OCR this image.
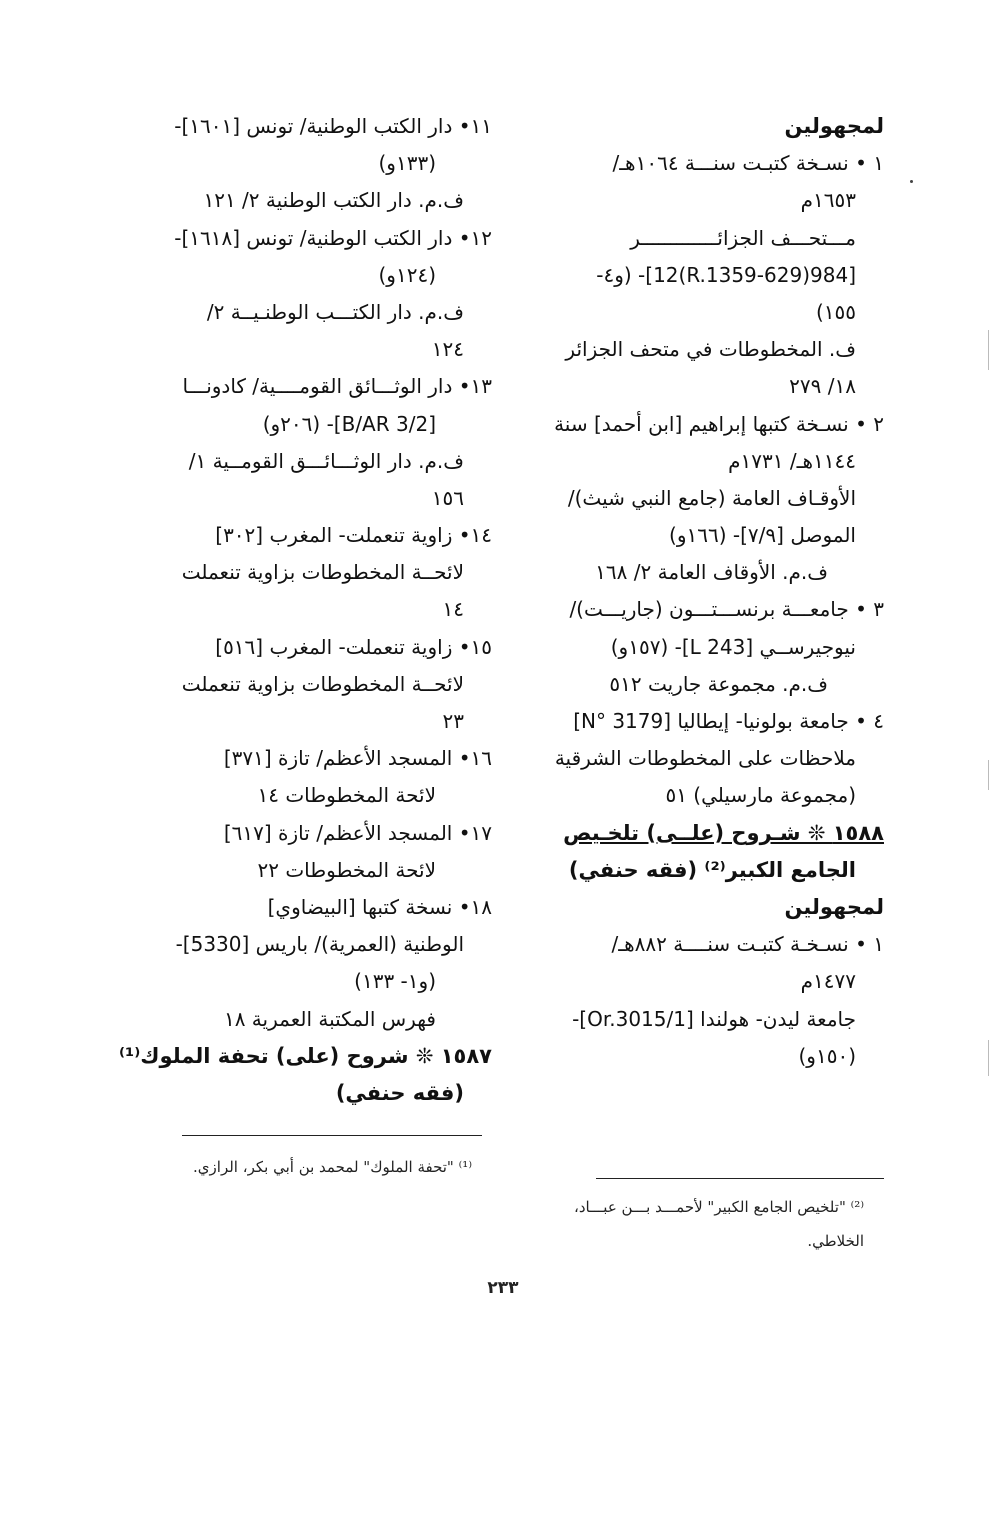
لمجهولين
١ • نسـخة كتبـت سنـــة ١٠٦٤هـ/
١٦٥٣م
مـــتحـــف الجزائـــــــــــــر
[984(629-R.1359)12]- (و٤-
١٥٥)
ف. المخطوطات في متحف الجزائر
١٨/ ٢٧٩
٢ • نسـخة كتبها إبراهيم [ابن أحمد] سنة
١١٤٤هـ/ ١٧٣١م
الأوقـاف العامة (جامع النبي شيث)/
الموصل [٧/٩]- (١٦٦و)
ف.م. الأوقاف العامة ٢/ ١٦٨
٣ • جامعـــة برنســـتـــون (جاريـــت)/
نيوجيرســي [L 243]- (١٥٧و)
ف.م. مجموعة جاريت ٥١٢
٤ • جامعة بولونيا- إيطاليا [N° 3179]
ملاحظات على المخطوطات الشرقية
(مجموعة مارسيلي) ٥١
١٥٨٨ ❊ شـروح (علــى) تلخـيص
الجامع الكبير⁽²⁾ (فقه حنفي)
لمجهولين
١ • نسـخـة كتبـت سنــــة ٨٨٢هـ/
١٤٧٧م
جامعة ليدن- هولندا [Or.3015/1]-
(١٥٠و)
١١• دار الكتب الوطنية/ تونس [١٦٠١]-
(١٣٣و)
ف.م. دار الكتب الوطنية ٢/ ١٢١
١٢• دار الكتب الوطنية/ تونس [١٦١٨]-
(١٢٤و)
ف.م. دار الكتـــب الوطنـيــة ٢/
١٢٤
١٣• دار الوثـــائق القومــــية/ كادونـــا
[B/AR 3/2]- (٢٠٦و)
ف.م. دار الوثـــائـــق القومــية ١/
١٥٦
١٤• زاوية تنعملت- المغرب [٣٠٢]
لائحــة المخطوطات بزاوية تنعملت
١٤
١٥• زاوية تنعملت- المغرب [٥١٦]
لائحــة المخطوطات بزاوية تنعملت
٢٣
١٦• المسجد الأعظم/ تازة [٣٧١]
لائحة المخطوطات ١٤
١٧• المسجد الأعظم/ تازة [٦١٧]
لائحة المخطوطات ٢٢
١٨• نسخة كتبها [البيضاوي]
الوطنية (العمرية)/ باريس [5330]-
(و١- ١٣٣)
فهرس المكتبة العمرية ١٨
١٥٨٧ ❊ شروح (على) تحفة الملوك⁽¹⁾
(فقه حنفي)
⁽²⁾ "تلخيص الجامع الكبير" لأحمـــد بـــن عبـــاد،
الخلاطي.
⁽¹⁾ "تحفة الملوك" لمحمد بن أبي بكر، الرازي.
٢٣٣
